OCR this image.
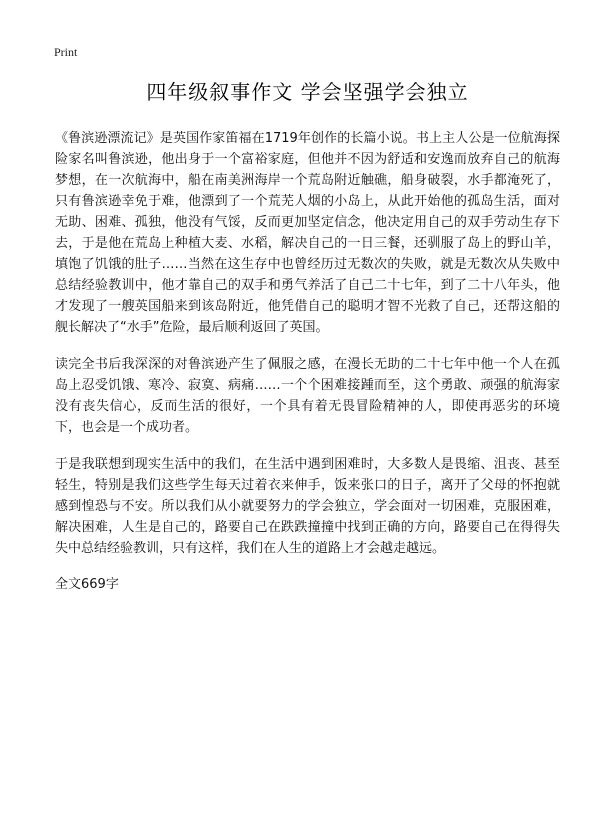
Print
四年级叙事作文 学会坚强学会独立

《鲁滨逊漂流记》是英国作家笛福在1719年创作的长篇小说。书上主人公是一位航海探险家名叫鲁滨逊，他出身于一个富裕家庭，但他并不因为舒适和安逸而放弃自己的航海梦想，在一次航海中，船在南美洲海岸一个荒岛附近触礁，船身破裂，水手都淹死了，只有鲁滨逊幸免于难，他漂到了一个荒芜人烟的小岛上，从此开始他的孤岛生活，面对无助、困难、孤独，他没有气馁，反而更加坚定信念，他决定用自己的双手劳动生存下去，于是他在荒岛上种植大麦、水稻，解决自己的一日三餐，还驯服了岛上的野山羊，填饱了饥饿的肚子……当然在这生存中也曾经历过无数次的失败，就是无数次从失败中总结经验教训中，他才靠自己的双手和勇气养活了自己二十七年，到了二十八年头，他才发现了一艘英国船来到该岛附近，他凭借自己的聪明才智不光救了自己，还帮这船的舰长解决了“水手”危险，最后顺利返回了英国。

读完全书后我深深的对鲁滨逊产生了佩服之感，在漫长无助的二十七年中他一个人在孤岛上忍受饥饿、寒冷、寂寞、病痛……一个个困难接踵而至，这个勇敢、顽强的航海家没有丧失信心，反而生活的很好，一个具有着无畏冒险精神的人，即使再恶劣的环境下，也会是一个成功者。

于是我联想到现实生活中的我们，在生活中遇到困难时，大多数人是畏缩、沮丧、甚至轻生，特别是我们这些学生每天过着衣来伸手，饭来张口的日子，离开了父母的怀抱就感到惶恐与不安。所以我们从小就要努力的学会独立，学会面对一切困难，克服困难，解决困难，人生是自己的，路要自己在跌跌撞撞中找到正确的方向，路要自己在得得失失中总结经验教训，只有这样，我们在人生的道路上才会越走越远。

全文669字
